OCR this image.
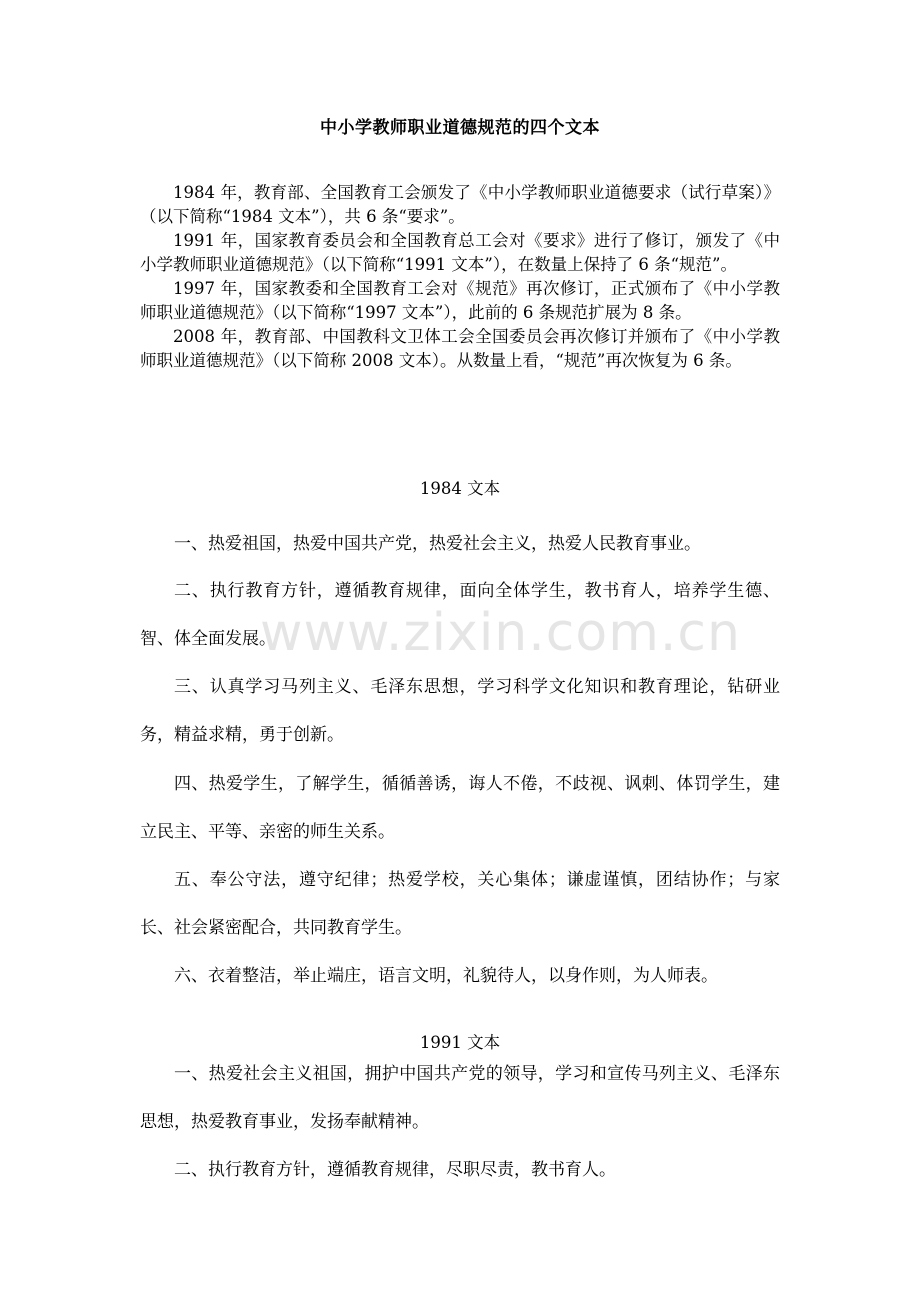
中小学教师职业道德规范的四个文本

1984 年，教育部、全国教育工会颁发了《中小学教师职业道德要求（试行草案）》（以下简称“1984 文本”），共 6 条“要求”。

1991 年，国家教育委员会和全国教育总工会对《要求》进行了修订，颁发了《中小学教师职业道德规范》（以下简称“1991 文本”），在数量上保持了 6 条“规范”。

1997 年，国家教委和全国教育工会对《规范》再次修订，正式颁布了《中小学教师职业道德规范》（以下简称“1997 文本”），此前的 6 条规范扩展为 8 条。

2008 年，教育部、中国教科文卫体工会全国委员会再次修订并颁布了《中小学教师职业道德规范》（以下简称 2008 文本）。从数量上看，“规范”再次恢复为 6 条。

1984 文本

一、热爱祖国，热爱中国共产党，热爱社会主义，热爱人民教育事业。

二、执行教育方针，遵循教育规律，面向全体学生，教书育人，培养学生德、智、体全面发展。

三、认真学习马列主义、毛泽东思想，学习科学文化知识和教育理论，钻研业务，精益求精，勇于创新。

四、热爱学生，了解学生，循循善诱，诲人不倦，不歧视、讽刺、体罚学生，建立民主、平等、亲密的师生关系。

五、奉公守法，遵守纪律；热爱学校，关心集体；谦虚谨慎，团结协作；与家长、社会紧密配合，共同教育学生。

六、衣着整洁，举止端庄，语言文明，礼貌待人，以身作则，为人师表。

1991 文本

一、热爱社会主义祖国，拥护中国共产党的领导，学习和宣传马列主义、毛泽东思想，热爱教育事业，发扬奉献精神。

二、执行教育方针，遵循教育规律，尽职尽责，教书育人。

www.zixin.com.cn
